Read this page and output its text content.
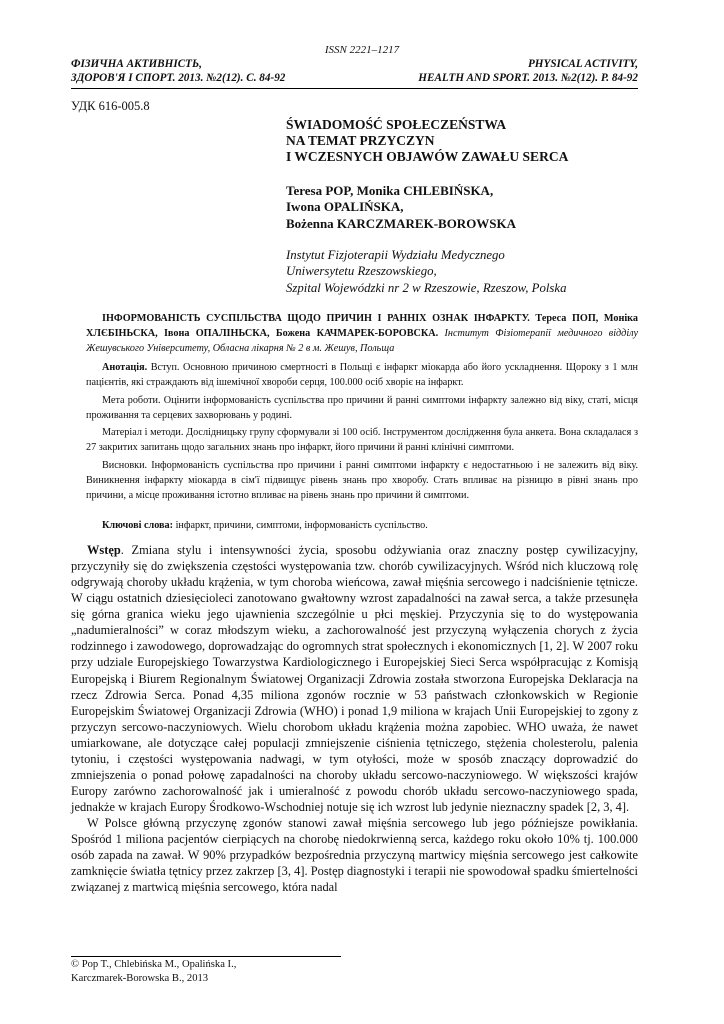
ISSN 2221–1217
ФІЗИЧНА АКТИВНІСТЬ,
ЗДОРОВ'Я І СПОРТ. 2013. №2(12). С. 84-92
PHYSICAL ACTIVITY,
HEALTH AND SPORT. 2013. №2(12). P. 84-92
УДК 616-005.8
ŚWIADOMOŚĆ SPOŁECZEŃSTWA
NA TEMAT PRZYCZYN
I WCZESNYCH OBJAWÓW ZAWAŁU SERCA
Teresa POP, Monika CHLEBIŃSKA,
Iwona OPALIŃSKA,
Bożenna KARCZMAREK-BOROWSKA
Instytut Fizjoterapii Wydziału Medycznego
Uniwersytetu Rzeszowskiego,
Szpital Wojewódzki nr 2 w Rzeszowie, Rzeszow, Polska

ІНФОРМОВАНІСТЬ СУСПІЛЬСТВА ЩОДО ПРИЧИН І РАННІХ ОЗНАК ІНФАРКТУ. Тереса ПОП, Моніка ХЛЄБІНЬСКА, Івона ОПАЛІНЬСКА, Божена КАЧМАРЕК-БОРОВСКА. Інститут Фізіотерапії медичного відділу Жешувського Університету, Обласна лікарня № 2 в м. Жешув, Польща

Анотація. Вступ. Основною причиною смертності в Польщі є інфаркт міокарда або його ускладнення. Щороку з 1 млн пацієнтів, які страждають від ішемічної хвороби серця, 100.000 осіб хворіє на інфаркт.

Мета роботи. Оцінити інформованість суспільства про причини й ранні симптоми інфаркту залежно від віку, статі, місця проживання та серцевих захворювань у родині.

Матеріал і методи. Дослідницьку групу сформували зі 100 осіб. Інструментом дослідження була анкета. Вона складалася з 27 закритих запитань щодо загальних знань про інфаркт, його причини й ранні клінічні симптоми.

Висновки. Інформованість суспільства про причини і ранні симптоми інфаркту є недостатньою і не залежить від віку. Виникнення інфаркту міокарда в сім'ї підвищує рівень знань про хворобу. Стать впливає на різницю в рівні знань про причини, а місце проживання істотно впливає на рівень знань про причини й симптоми.

Ключові слова: інфаркт, причини, симптоми, інформованість суспільство.

Wstęp. Zmiana stylu i intensywności życia, sposobu odżywiania oraz znaczny postęp cywilizacyjny, przyczyniły się do zwiększenia częstości występowania tzw. chorób cywilizacyjnych. Wśród nich kluczową rolę odgrywają choroby układu krążenia, w tym choroba wieńcowa, zawał mięśnia sercowego i nadciśnienie tętnicze. W ciągu ostatnich dziesięcioleci zanotowano gwałtowny wzrost zapadalności na zawał serca, a także przesunęła się górna granica wieku jego ujawnienia szczególnie u płci męskiej. Przyczynia się to do występowania „nadumieralności” w coraz młodszym wieku, a zachorowalność jest przyczyną wyłączenia chorych z życia rodzinnego i zawodowego, doprowadzając do ogromnych strat społecznych i ekonomicznych [1, 2]. W 2007 roku przy udziale Europejskiego Towarzystwa Kardiologicznego i Europejskiej Sieci Serca współpracując z Komisją Europejską i Biurem Regionalnym Światowej Organizacji Zdrowia została stworzona Europejska Deklaracja na rzecz Zdrowia Serca. Ponad 4,35 miliona zgonów rocznie w 53 państwach członkowskich w Regionie Europejskim Światowej Organizacji Zdrowia (WHO) i ponad 1,9 miliona w krajach Unii Europejskiej to zgony z przyczyn sercowo-naczyniowych. Wielu chorobom układu krążenia można zapobiec. WHO uważa, że nawet umiarkowane, ale dotyczące całej populacji zmniejszenie ciśnienia tętniczego, stężenia cholesterolu, palenia tytoniu, i częstości występowania nadwagi, w tym otyłości, może w sposób znaczący doprowadzić do zmniejszenia o ponad połowę zapadalności na choroby układu sercowo-naczyniowego. W większości krajów Europy zarówno zachorowalność jak i umieralność z powodu chorób układu sercowo-naczyniowego spada, jednakże w krajach Europy Środkowo-Wschodniej notuje się ich wzrost lub jedynie nieznaczny spadek [2, 3, 4].

W Polsce główną przyczynę zgonów stanowi zawał mięśnia sercowego lub jego późniejsze powikłania. Spośród 1 miliona pacjentów cierpiących na chorobę niedokrwienną serca, każdego roku około 10% tj. 100.000 osób zapada na zawał. W 90% przypadków bezpośrednia przyczyną martwicy mięśnia sercowego jest całkowite zamknięcie światła tętnicy przez zakrzep [3, 4]. Postęp diagnostyki i terapii nie spowodował spadku śmiertelności związanej z martwicą mięśnia sercowego, która nadal

© Pop T., Chlebińska M., Opalińska I.,
Karczmarek-Borowska B., 2013
